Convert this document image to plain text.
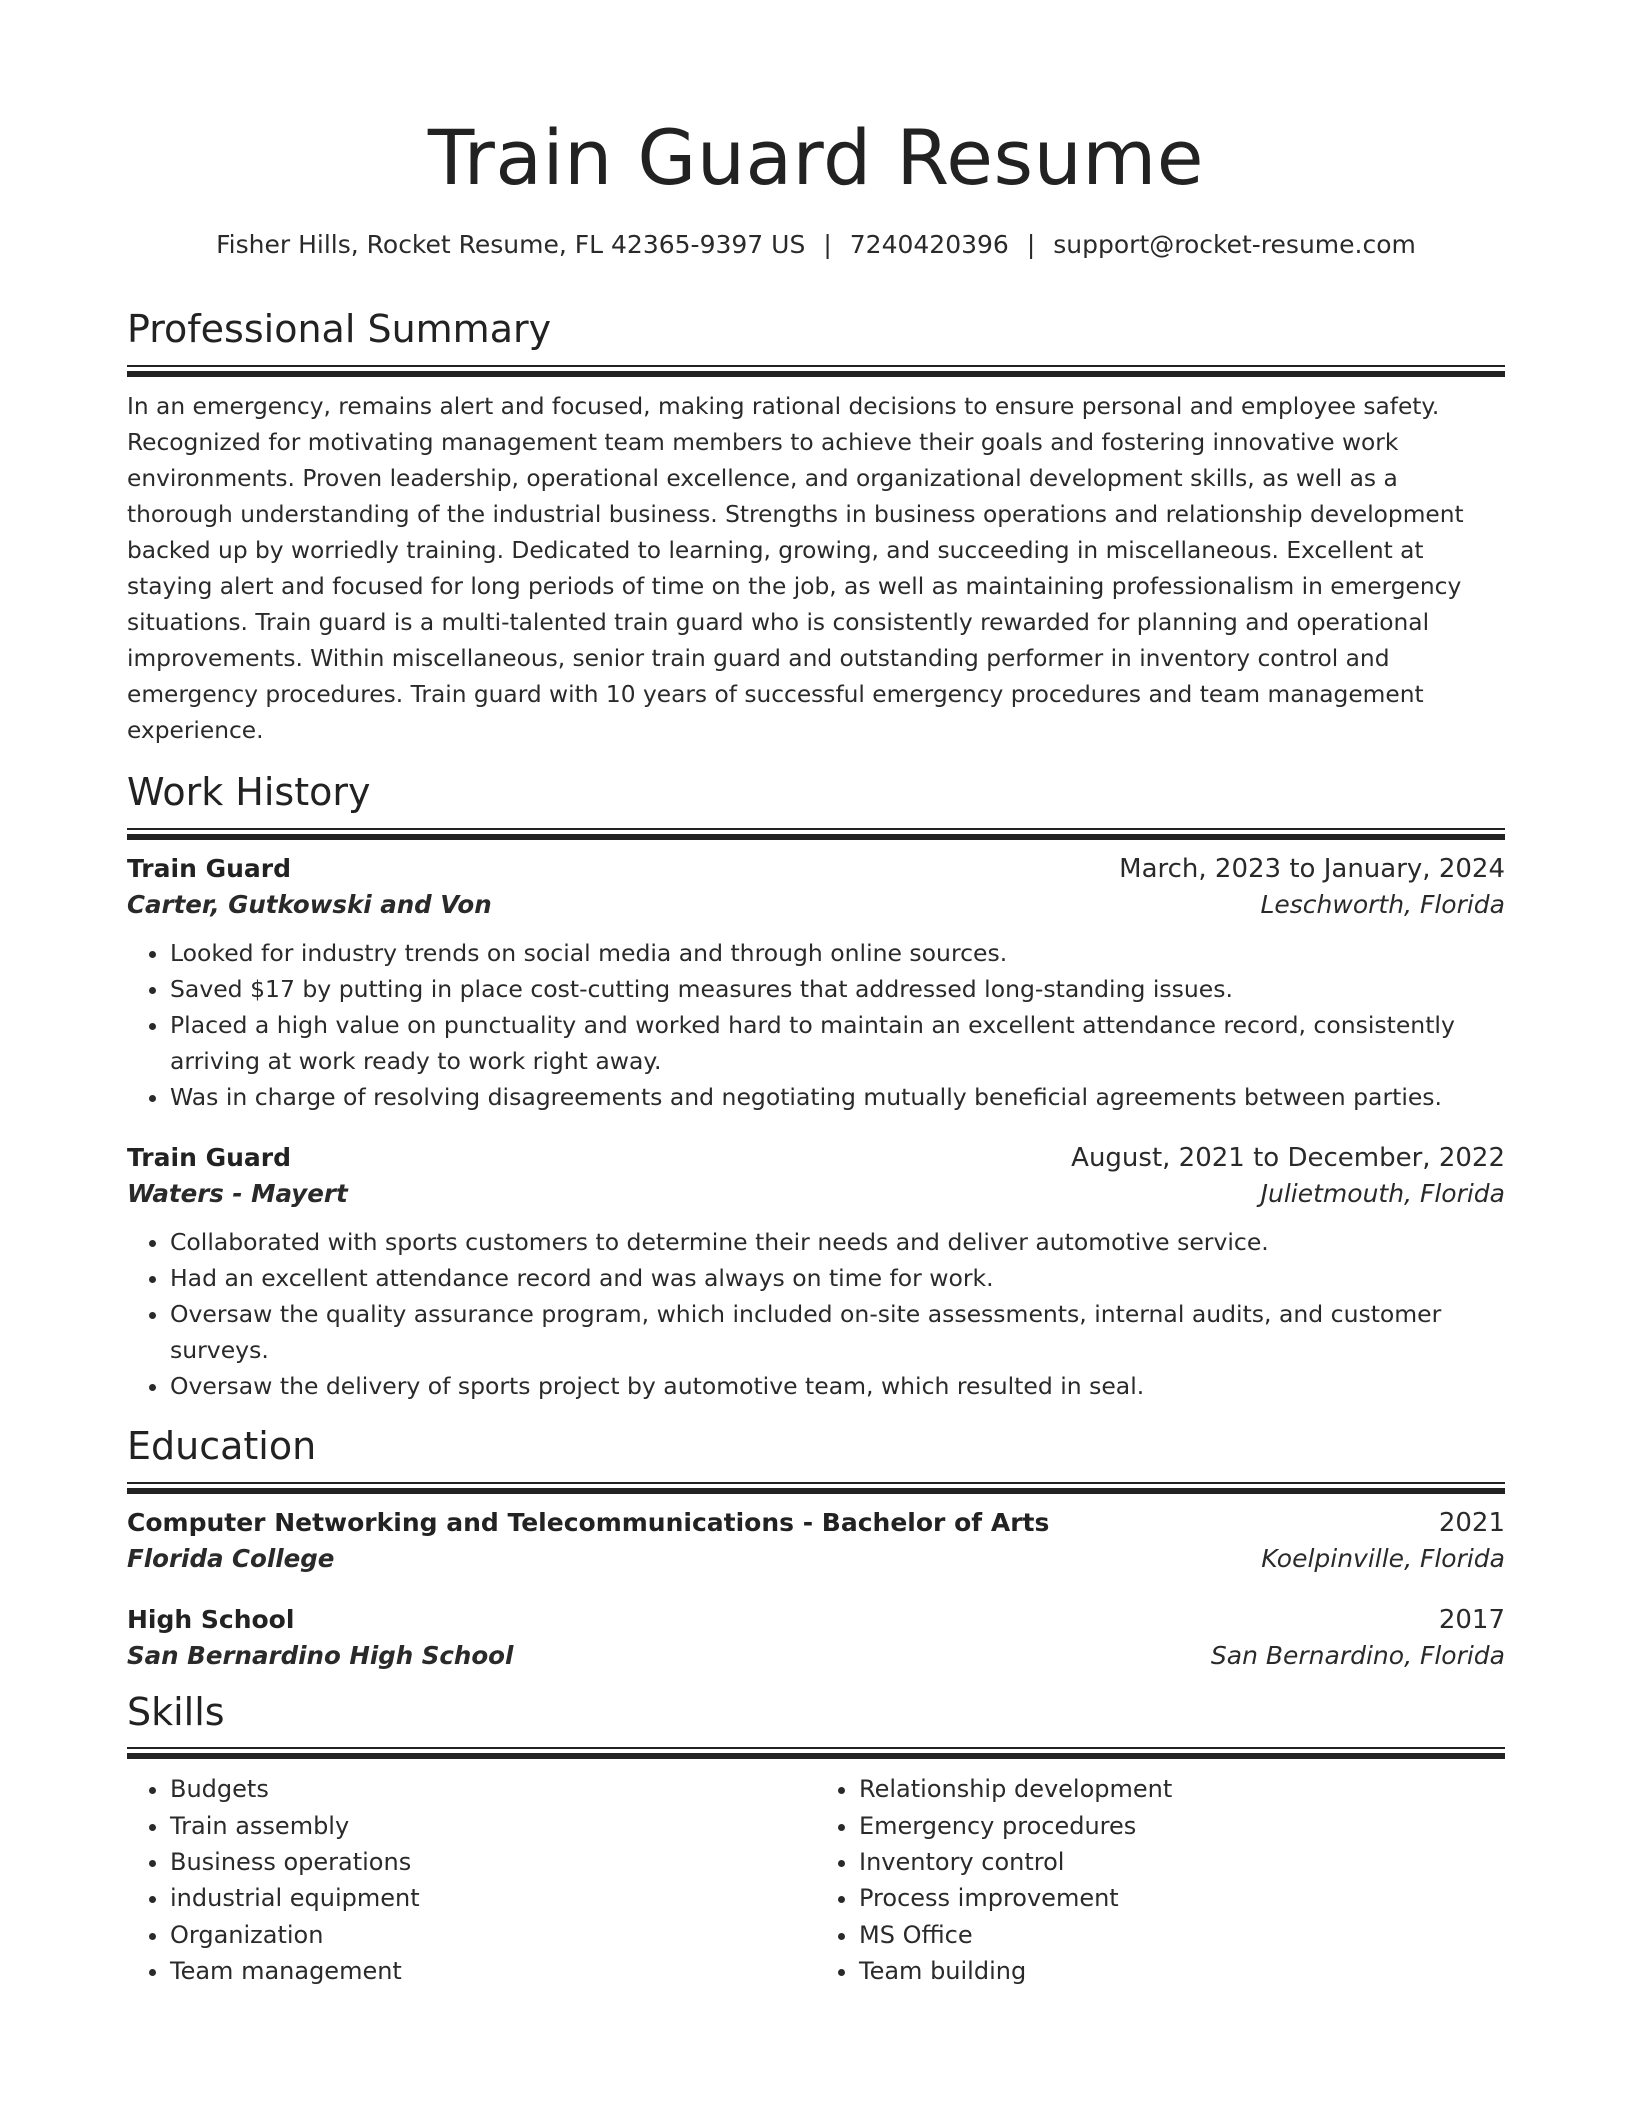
Train Guard Resume
Fisher Hills, Rocket Resume, FL 42365-9397 US | 7240420396 | support@rocket-resume.com
Professional Summary

In an emergency, remains alert and focused, making rational decisions to ensure personal and employee safety. Recognized for motivating management team members to achieve their goals and fostering innovative work environments. Proven leadership, operational excellence, and organizational development skills, as well as a thorough understanding of the industrial business. Strengths in business operations and relationship development backed up by worriedly training. Dedicated to learning, growing, and succeeding in miscellaneous. Excellent at staying alert and focused for long periods of time on the job, as well as maintaining professionalism in emergency situations. Train guard is a multi-talented train guard who is consistently rewarded for planning and operational improvements. Within miscellaneous, senior train guard and outstanding performer in inventory control and emergency procedures. Train guard with 10 years of successful emergency procedures and team management experience.

Work History
Train Guard	March, 2023 to January, 2024
Carter, Gutkowski and Von	Leschworth, Florida
• Looked for industry trends on social media and through online sources.
• Saved $17 by putting in place cost-cutting measures that addressed long-standing issues.
• Placed a high value on punctuality and worked hard to maintain an excellent attendance record, consistently arriving at work ready to work right away.
• Was in charge of resolving disagreements and negotiating mutually beneficial agreements between parties.
Train Guard	August, 2021 to December, 2022
Waters - Mayert	Julietmouth, Florida
• Collaborated with sports customers to determine their needs and deliver automotive service.
• Had an excellent attendance record and was always on time for work.
• Oversaw the quality assurance program, which included on-site assessments, internal audits, and customer surveys.
• Oversaw the delivery of sports project by automotive team, which resulted in seal.
Education
Computer Networking and Telecommunications - Bachelor of Arts	2021
Florida College	Koelpinville, Florida
High School	2017
San Bernardino High School	San Bernardino, Florida
Skills
• Budgets
• Train assembly
• Business operations
• industrial equipment
• Organization
• Team management
• Relationship development
• Emergency procedures
• Inventory control
• Process improvement
• MS Office
• Team building
